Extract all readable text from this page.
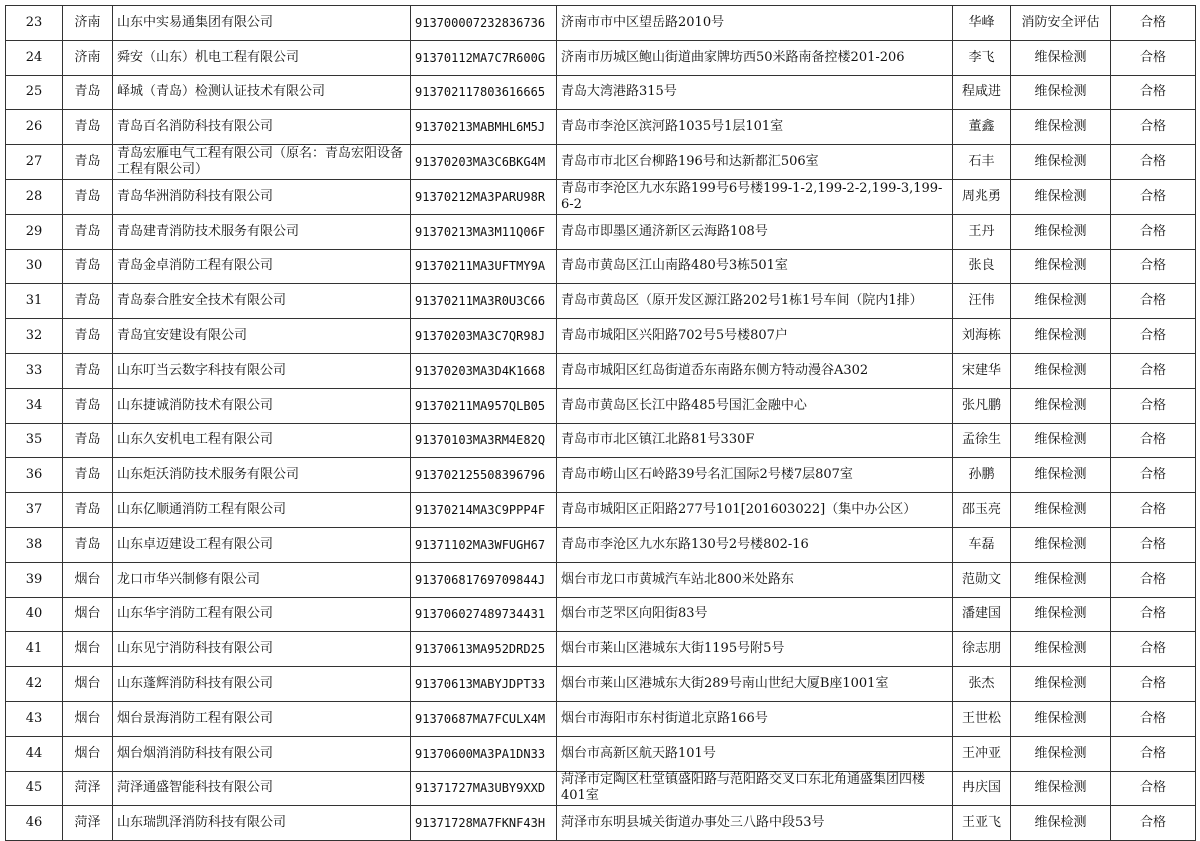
23	济南	山东中实易通集团有限公司	913700007232836736	济南市市中区望岳路2010号	华峰	消防安全评估	合格
24	济南	舜安（山东）机电工程有限公司	91370112MA7C7R600G	济南市历城区鲍山街道曲家牌坊西50米路南备控楼201-206	李飞	维保检测	合格
25	青岛	峄城（青岛）检测认证技术有限公司	913702117803616665	青岛大湾港路315号	程咸进	维保检测	合格
26	青岛	青岛百名消防科技有限公司	91370213MABMHL6M5J	青岛市李沧区滨河路1035号1层101室	董鑫	维保检测	合格
27	青岛	青岛宏雁电气工程有限公司（原名：青岛宏阳设备工程有限公司）	91370203MA3C6BKG4M	青岛市市北区台柳路196号和达新都汇506室	石丰	维保检测	合格
28	青岛	青岛华洲消防科技有限公司	91370212MA3PARU98R	青岛市李沧区九水东路199号6号楼199-1-2,199-2-2,199-3,199-6-2	周兆勇	维保检测	合格
29	青岛	青岛建青消防技术服务有限公司	91370213MA3M11Q06F	青岛市即墨区通济新区云海路108号	王丹	维保检测	合格
30	青岛	青岛金卓消防工程有限公司	91370211MA3UFTMY9A	青岛市黄岛区江山南路480号3栋501室	张良	维保检测	合格
31	青岛	青岛泰合胜安全技术有限公司	91370211MA3R0U3C66	青岛市黄岛区（原开发区源江路202号1栋1号车间（院内1排）	汪伟	维保检测	合格
32	青岛	青岛宜安建设有限公司	91370203MA3C7QR98J	青岛市城阳区兴阳路702号5号楼807户	刘海栋	维保检测	合格
33	青岛	山东叮当云数字科技有限公司	91370203MA3D4K1668	青岛市城阳区红岛街道岙东南路东侧方特动漫谷A302	宋建华	维保检测	合格
34	青岛	山东捷诚消防技术有限公司	91370211MA957QLB05	青岛市黄岛区长江中路485号国汇金融中心	张凡鹏	维保检测	合格
35	青岛	山东久安机电工程有限公司	91370103MA3RM4E82Q	青岛市市北区镇江北路81号330F	孟徐生	维保检测	合格
36	青岛	山东炬沃消防技术服务有限公司	913702125508396796	青岛市崂山区石岭路39号名汇国际2号楼7层807室	孙鹏	维保检测	合格
37	青岛	山东亿顺通消防工程有限公司	91370214MA3C9PPP4F	青岛市城阳区正阳路277号101[201603022]（集中办公区）	邵玉亮	维保检测	合格
38	青岛	山东卓迈建设工程有限公司	91371102MA3WFUGH67	青岛市李沧区九水东路130号2号楼802-16	车磊	维保检测	合格
39	烟台	龙口市华兴制修有限公司	91370681769709844J	烟台市龙口市黄城汽车站北800米处路东	范勋文	维保检测	合格
40	烟台	山东华宇消防工程有限公司	913706027489734431	烟台市芝罘区向阳街83号	潘建国	维保检测	合格
41	烟台	山东见宁消防科技有限公司	91370613MA952DRD25	烟台市莱山区港城东大街1195号附5号	徐志朋	维保检测	合格
42	烟台	山东蓬辉消防科技有限公司	91370613MABYJDPT33	烟台市莱山区港城东大街289号南山世纪大厦B座1001室	张杰	维保检测	合格
43	烟台	烟台景海消防工程有限公司	91370687MA7FCULX4M	烟台市海阳市东村街道北京路166号	王世松	维保检测	合格
44	烟台	烟台烟消消防科技有限公司	91370600MA3PA1DN33	烟台市高新区航天路101号	王冲亚	维保检测	合格
45	菏泽	菏泽通盛智能科技有限公司	91371727MA3UBY9XXD	菏泽市定陶区杜堂镇盛阳路与范阳路交叉口东北角通盛集团四楼401室	冉庆国	维保检测	合格
46	菏泽	山东瑞凯泽消防科技有限公司	91371728MA7FKNF43H	菏泽市东明县城关街道办事处三八路中段53号	王亚飞	维保检测	合格
